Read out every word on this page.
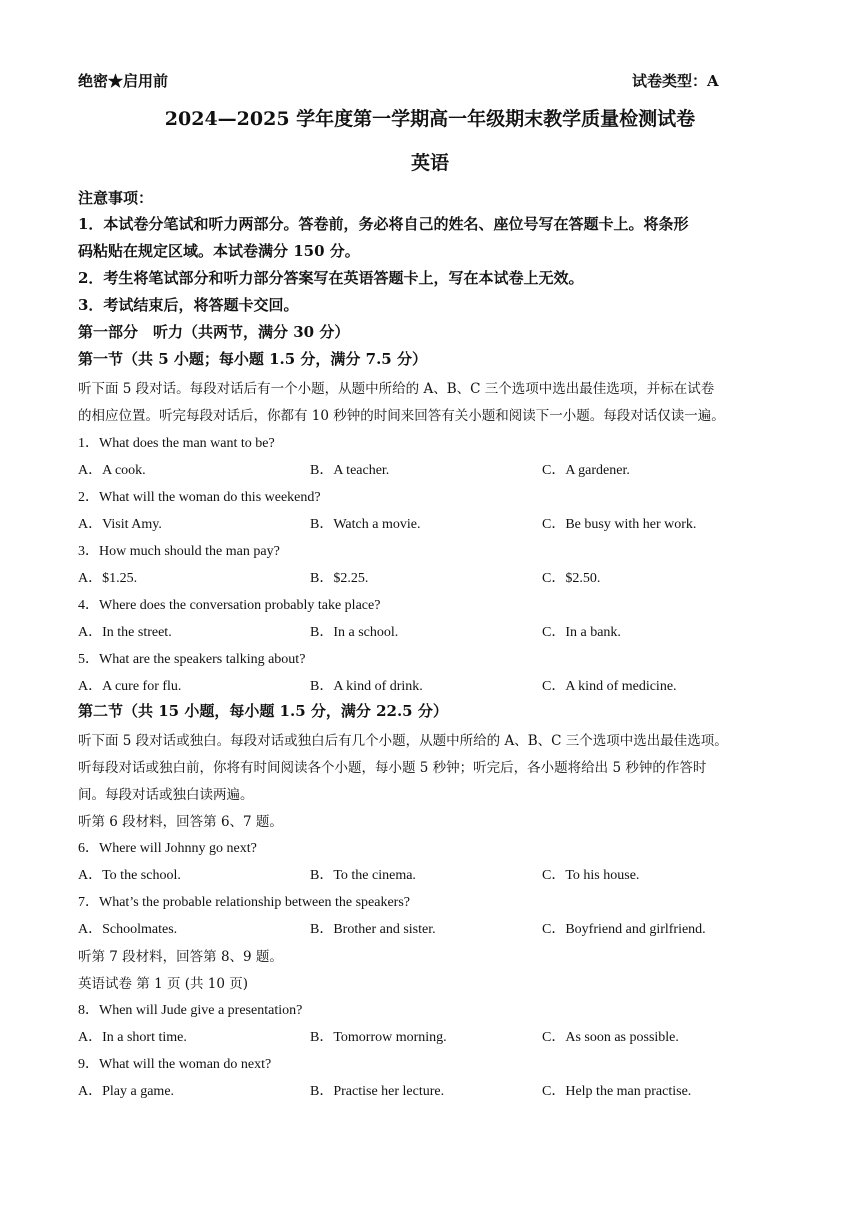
绝密★启用前	试卷类型：A
2024—2025 学年度第一学期高一年级期末教学质量检测试卷
英语
注意事项：
1．本试卷分笔试和听力两部分。答卷前，务必将自己的姓名、座位号写在答题卡上。将条形
码粘贴在规定区域。本试卷满分 150 分。
2．考生将笔试部分和听力部分答案写在英语答题卡上，写在本试卷上无效。
3．考试结束后，将答题卡交回。
第一部分　听力（共两节，满分 30 分）
第一节（共 5 小题；每小题 1.5 分，满分 7.5 分）
听下面 5 段对话。每段对话后有一个小题，从题中所给的 A、B、C 三个选项中选出最佳选项，并标在试卷
的相应位置。听完每段对话后，你都有 10 秒钟的时间来回答有关小题和阅读下一小题。每段对话仅读一遍。
1．What does the man want to be?
A．A cook.	B．A teacher.	C．A gardener.
2．What will the woman do this weekend?
A．Visit Amy.	B．Watch a movie.	C．Be busy with her work.
3．How much should the man pay?
A．$1.25.	B．$2.25.	C．$2.50.
4．Where does the conversation probably take place?
A．In the street.	B．In a school.	C．In a bank.
5．What are the speakers talking about?
A．A cure for flu.	B．A kind of drink.	C．A kind of medicine.
第二节（共 15 小题，每小题 1.5 分，满分 22.5 分）
听下面 5 段对话或独白。每段对话或独白后有几个小题，从题中所给的 A、B、C 三个选项中选出最佳选项。
听每段对话或独白前，你将有时间阅读各个小题，每小题 5 秒钟；听完后，各小题将给出 5 秒钟的作答时
间。每段对话或独白读两遍。
听第 6 段材料，回答第 6、7 题。
6．Where will Johnny go next?
A．To the school.	B．To the cinema.	C．To his house.
7．What’s the probable relationship between the speakers?
A．Schoolmates.	B．Brother and sister.	C．Boyfriend and girlfriend.
听第 7 段材料，回答第 8、9 题。
英语试卷 第 1 页 (共 10 页)
8．When will Jude give a presentation?
A．In a short time.	B．Tomorrow morning.	C．As soon as possible.
9．What will the woman do next?
A．Play a game.	B．Practise her lecture.	C．Help the man practise.
